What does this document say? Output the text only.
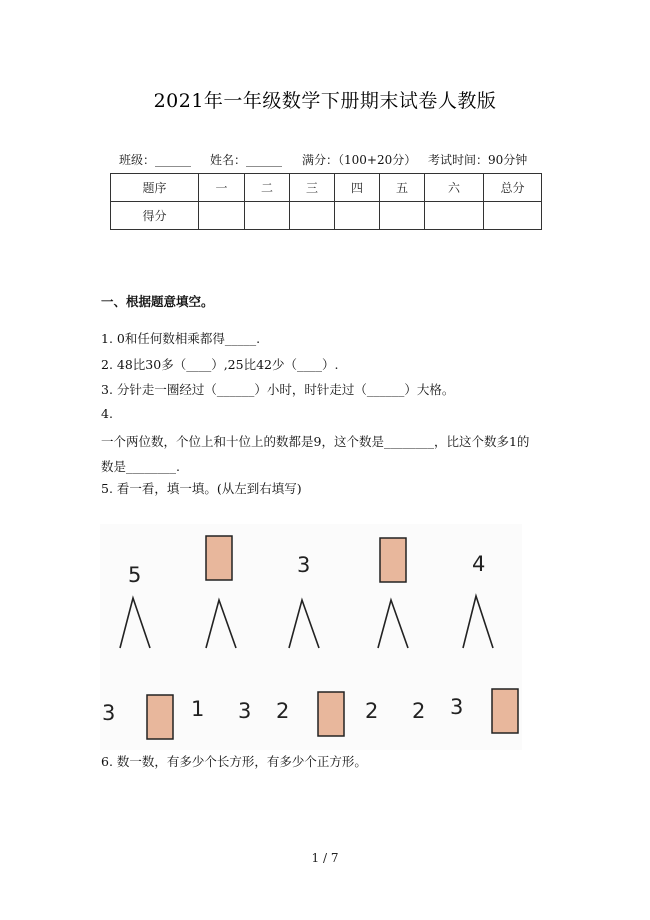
2021年一年级数学下册期末试卷人教版
班级：______ 姓名：______ 满分：（100+20分） 考试时间：90分钟
题序	一	二	三	四	五	六	总分
得分							
一、根据题意填空。
1. 0和任何数相乘都得_____.
2. 48比30多（____）,25比42少（____）.
3. 分针走一圈经过（______）小时，时针走过（______）大格。
4.
一个两位数，个位上和十位上的数都是9，这个数是________，比这个数多1的
数是________.
5. 看一看，填一填。(从左到右填写)
5	3	4
3	1 3 2	2 2 3
6. 数一数，有多少个长方形，有多少个正方形。
1 / 7
